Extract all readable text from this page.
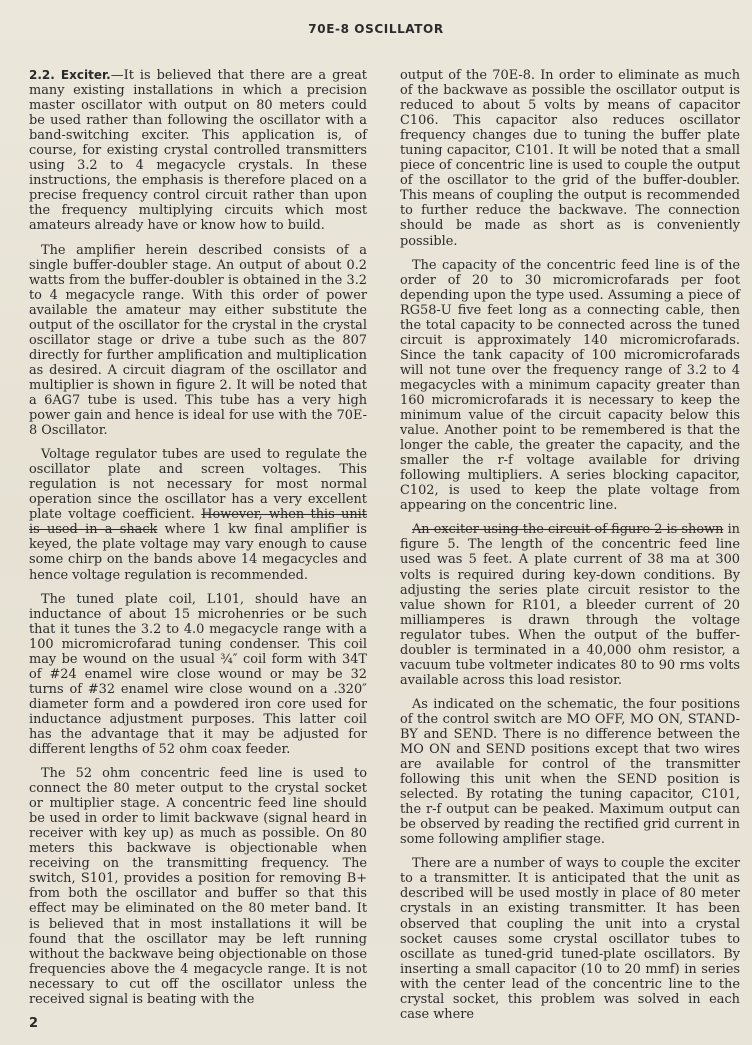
70E-8 OSCILLATOR

2.2. Exciter.—It is believed that there are a great many existing installations in which a precision master oscillator with output on 80 meters could be used rather than following the oscillator with a band-switching exciter. This application is, of course, for existing crystal controlled transmitters using 3.2 to 4 megacycle crystals. In these instructions, the emphasis is therefore placed on a precise frequency control circuit rather than upon the frequency multiplying circuits which most amateurs already have or know how to build.

The amplifier herein described consists of a single buffer-doubler stage. An output of about 0.2 watts from the buffer-doubler is obtained in the 3.2 to 4 megacycle range. With this order of power available the amateur may either substitute the output of the oscillator for the crystal in the crystal oscillator stage or drive a tube such as the 807 directly for further amplification and multiplication as desired. A circuit diagram of the oscillator and multiplier is shown in figure 2. It will be noted that a 6AG7 tube is used. This tube has a very high power gain and hence is ideal for use with the 70E-8 Oscillator.

Voltage regulator tubes are used to regulate the oscillator plate and screen voltages. This regulation is not necessary for most normal operation since the oscillator has a very excellent plate voltage coefficient. However, when this unit is used in a shack where 1 kw final amplifier is keyed, the plate voltage may vary enough to cause some chirp on the bands above 14 megacycles and hence voltage regulation is recommended.

The tuned plate coil, L101, should have an inductance of about 15 microhenries or be such that it tunes the 3.2 to 4.0 megacycle range with a 100 micromicrofarad tuning condenser. This coil may be wound on the usual ¾″ coil form with 34T of #24 enamel wire close wound or may be 32 turns of #32 enamel wire close wound on a .320″ diameter form and a powdered iron core used for inductance adjustment purposes. This latter coil has the advantage that it may be adjusted for different lengths of 52 ohm coax feeder.

The 52 ohm concentric feed line is used to connect the 80 meter output to the crystal socket or multiplier stage. A concentric feed line should be used in order to limit backwave (signal heard in receiver with key up) as much as possible. On 80 meters this backwave is objectionable when receiving on the transmitting frequency. The switch, S101, provides a position for removing B+ from both the oscillator and buffer so that this effect may be eliminated on the 80 meter band. It is believed that in most installations it will be found that the oscillator may be left running without the backwave being objectionable on those frequencies above the 4 megacycle range. It is not necessary to cut off the oscillator unless the received signal is beating with the

output of the 70E-8. In order to eliminate as much of the backwave as possible the oscillator output is reduced to about 5 volts by means of capacitor C106. This capacitor also reduces oscillator frequency changes due to tuning the buffer plate tuning capacitor, C101. It will be noted that a small piece of concentric line is used to couple the output of the oscillator to the grid of the buffer-doubler. This means of coupling the output is recommended to further reduce the backwave. The connection should be made as short as is conveniently possible.

The capacity of the concentric feed line is of the order of 20 to 30 micromicrofarads per foot depending upon the type used. Assuming a piece of RG58-U five feet long as a connecting cable, then the total capacity to be connected across the tuned circuit is approximately 140 micromicrofarads. Since the tank capacity of 100 micromicrofarads will not tune over the frequency range of 3.2 to 4 megacycles with a minimum capacity greater than 160 micromicrofarads it is necessary to keep the minimum value of the circuit capacity below this value. Another point to be remembered is that the longer the cable, the greater the capacity, and the smaller the r-f voltage available for driving following multipliers. A series blocking capacitor, C102, is used to keep the plate voltage from appearing on the concentric line.

An exciter using the circuit of figure 2 is shown in figure 5. The length of the concentric feed line used was 5 feet. A plate current of 38 ma at 300 volts is required during key-down conditions. By adjusting the series plate circuit resistor to the value shown for R101, a bleeder current of 20 milliamperes is drawn through the voltage regulator tubes. When the output of the buffer-doubler is terminated in a 40,000 ohm resistor, a vacuum tube voltmeter indicates 80 to 90 rms volts available across this load resistor.

As indicated on the schematic, the four positions of the control switch are MO OFF, MO ON, STAND-BY and SEND. There is no difference between the MO ON and SEND positions except that two wires are available for control of the transmitter following this unit when the SEND position is selected. By rotating the tuning capacitor, C101, the r-f output can be peaked. Maximum output can be observed by reading the rectified grid current in some following amplifier stage.

There are a number of ways to couple the exciter to a transmitter. It is anticipated that the unit as described will be used mostly in place of 80 meter crystals in an existing transmitter. It has been observed that coupling the unit into a crystal socket causes some crystal oscillator tubes to oscillate as tuned-grid tuned-plate oscillators. By inserting a small capacitor (10 to 20 mmf) in series with the center lead of the concentric line to the crystal socket, this problem was solved in each case where

2
